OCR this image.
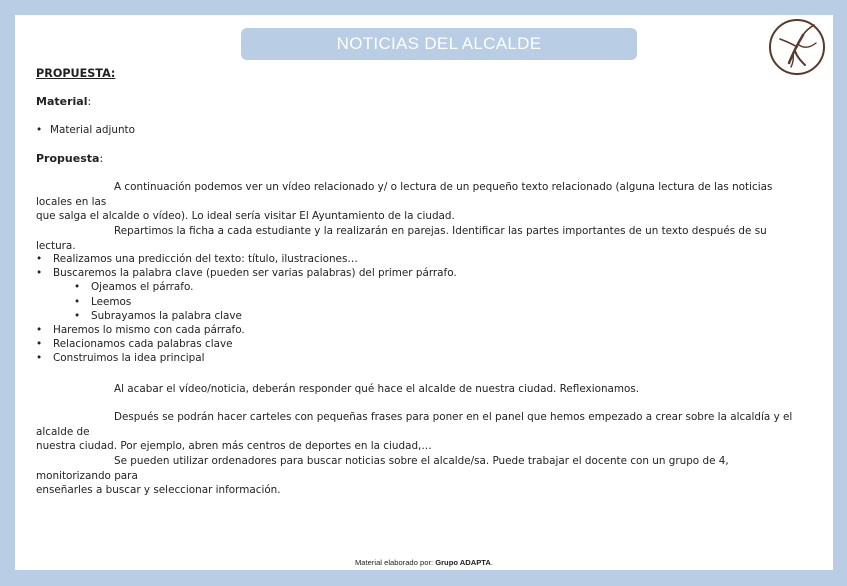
NOTICIAS DEL ALCALDE
PROPUESTA:
Material:
• Material adjunto
Propuesta:
A continuación podemos ver un vídeo relacionado y/ o lectura de un pequeño texto relacionado (alguna lectura de las noticias locales en las
que salga el alcalde o vídeo). Lo ideal sería visitar El Ayuntamiento de la ciudad.
Repartimos la ficha a cada estudiante y la realizarán en parejas. Identificar las partes importantes de un texto después de su lectura.
• Realizamos una predicción del texto: título, ilustraciones…
• Buscaremos la palabra clave (pueden ser varias palabras) del primer párrafo.
• Ojeamos el párrafo.
• Leemos
• Subrayamos la palabra clave
• Haremos lo mismo con cada párrafo.
• Relacionamos cada palabras clave
• Construimos la idea principal
Al acabar el vídeo/noticia, deberán responder qué hace el alcalde de nuestra ciudad. Reflexionamos.
Después se podrán hacer carteles con pequeñas frases para poner en el panel que hemos empezado a crear sobre la alcaldía y el alcalde de
nuestra ciudad. Por ejemplo, abren más centros de deportes en la ciudad,…
Se pueden utilizar ordenadores para buscar noticias sobre el alcalde/sa. Puede trabajar el docente con un grupo de 4, monitorizando para
enseñarles a buscar y seleccionar información.
Material elaborado por: Grupo ADAPTA.
